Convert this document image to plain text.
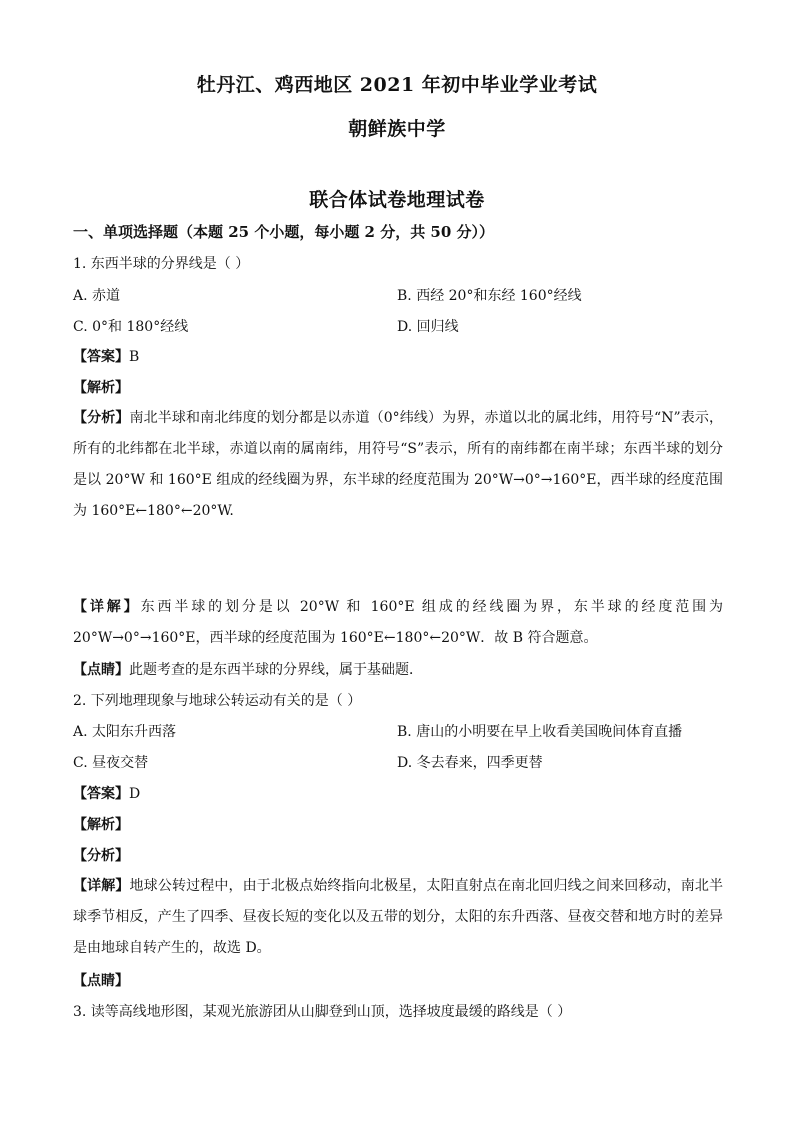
牡丹江、鸡西地区 2021 年初中毕业学业考试
朝鲜族中学
联合体试卷地理试卷
一、单项选择题（本题 25 个小题，每小题 2 分，共 50 分））
1. 东西半球的分界线是（ ）
A. 赤道	B. 西经 20°和东经 160°经线
C. 0°和 180°经线	D. 回归线
【答案】B
【解析】
【分析】南北半球和南北纬度的划分都是以赤道（0°纬线）为界，赤道以北的属北纬，用符号“N”表示，所有的北纬都在北半球，赤道以南的属南纬，用符号“S”表示，所有的南纬都在南半球；东西半球的划分是以 20°W 和 160°E 组成的经线圈为界，东半球的经度范围为 20°W→0°→160°E，西半球的经度范围为 160°E←180°←20°W.
【详解】东西半球的划分是以 20°W 和 160°E 组成的经线圈为界，东半球的经度范围为 20°W→0°→160°E，西半球的经度范围为 160°E←180°←20°W．故 B 符合题意。
【点睛】此题考查的是东西半球的分界线，属于基础题．
2. 下列地理现象与地球公转运动有关的是（ ）
A. 太阳东升西落	B. 唐山的小明要在早上收看美国晚间体育直播
C. 昼夜交替	D. 冬去春来，四季更替
【答案】D
【解析】
【分析】
【详解】地球公转过程中，由于北极点始终指向北极星，太阳直射点在南北回归线之间来回移动，南北半球季节相反，产生了四季、昼夜长短的变化以及五带的划分，太阳的东升西落、昼夜交替和地方时的差异是由地球自转产生的，故选 D。
【点睛】
3. 读等高线地形图，某观光旅游团从山脚登到山顶，选择坡度最缓的路线是（ ）
